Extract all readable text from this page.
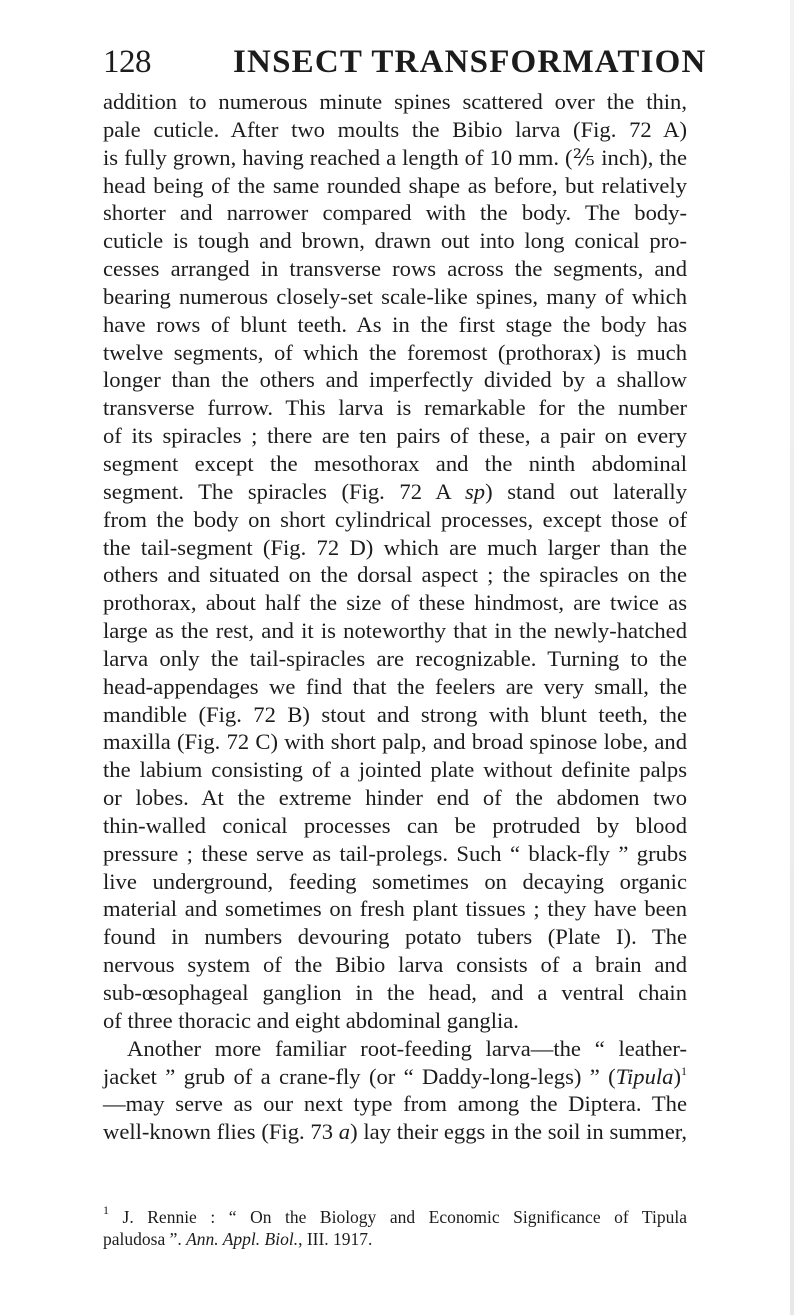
128 INSECT TRANSFORMATION
addition to numerous minute spines scattered over the thin,
pale cuticle. After two moults the Bibio larva (Fig. 72 A)
is fully grown, having reached a length of 10 mm. (⅖ inch), the
head being of the same rounded shape as before, but relatively
shorter and narrower compared with the body. The body-
cuticle is tough and brown, drawn out into long conical pro-
cesses arranged in transverse rows across the segments, and
bearing numerous closely-set scale-like spines, many of which
have rows of blunt teeth. As in the first stage the body has
twelve segments, of which the foremost (prothorax) is much
longer than the others and imperfectly divided by a shallow
transverse furrow. This larva is remarkable for the number
of its spiracles ; there are ten pairs of these, a pair on every
segment except the mesothorax and the ninth abdominal
segment. The spiracles (Fig. 72 A sp) stand out laterally
from the body on short cylindrical processes, except those of
the tail-segment (Fig. 72 D) which are much larger than the
others and situated on the dorsal aspect ; the spiracles on the
prothorax, about half the size of these hindmost, are twice as
large as the rest, and it is noteworthy that in the newly-hatched
larva only the tail-spiracles are recognizable. Turning to the
head-appendages we find that the feelers are very small, the
mandible (Fig. 72 B) stout and strong with blunt teeth, the
maxilla (Fig. 72 C) with short palp, and broad spinose lobe, and
the labium consisting of a jointed plate without definite palps
or lobes. At the extreme hinder end of the abdomen two
thin-walled conical processes can be protruded by blood
pressure ; these serve as tail-prolegs. Such “ black-fly ” grubs
live underground, feeding sometimes on decaying organic
material and sometimes on fresh plant tissues ; they have been
found in numbers devouring potato tubers (Plate I). The
nervous system of the Bibio larva consists of a brain and
sub-œsophageal ganglion in the head, and a ventral chain
of three thoracic and eight abdominal ganglia.
Another more familiar root-feeding larva—the “ leather-
jacket ” grub of a crane-fly (or “ Daddy-long-legs) ” (Tipula)$^1$
—may serve as our next type from among the Diptera. The
well-known flies (Fig. 73 a) lay their eggs in the soil in summer,
$^1$ J. Rennie : “ On the Biology and Economic Significance of Tipula
paludosa ”. Ann. Appl. Biol., III. 1917.
